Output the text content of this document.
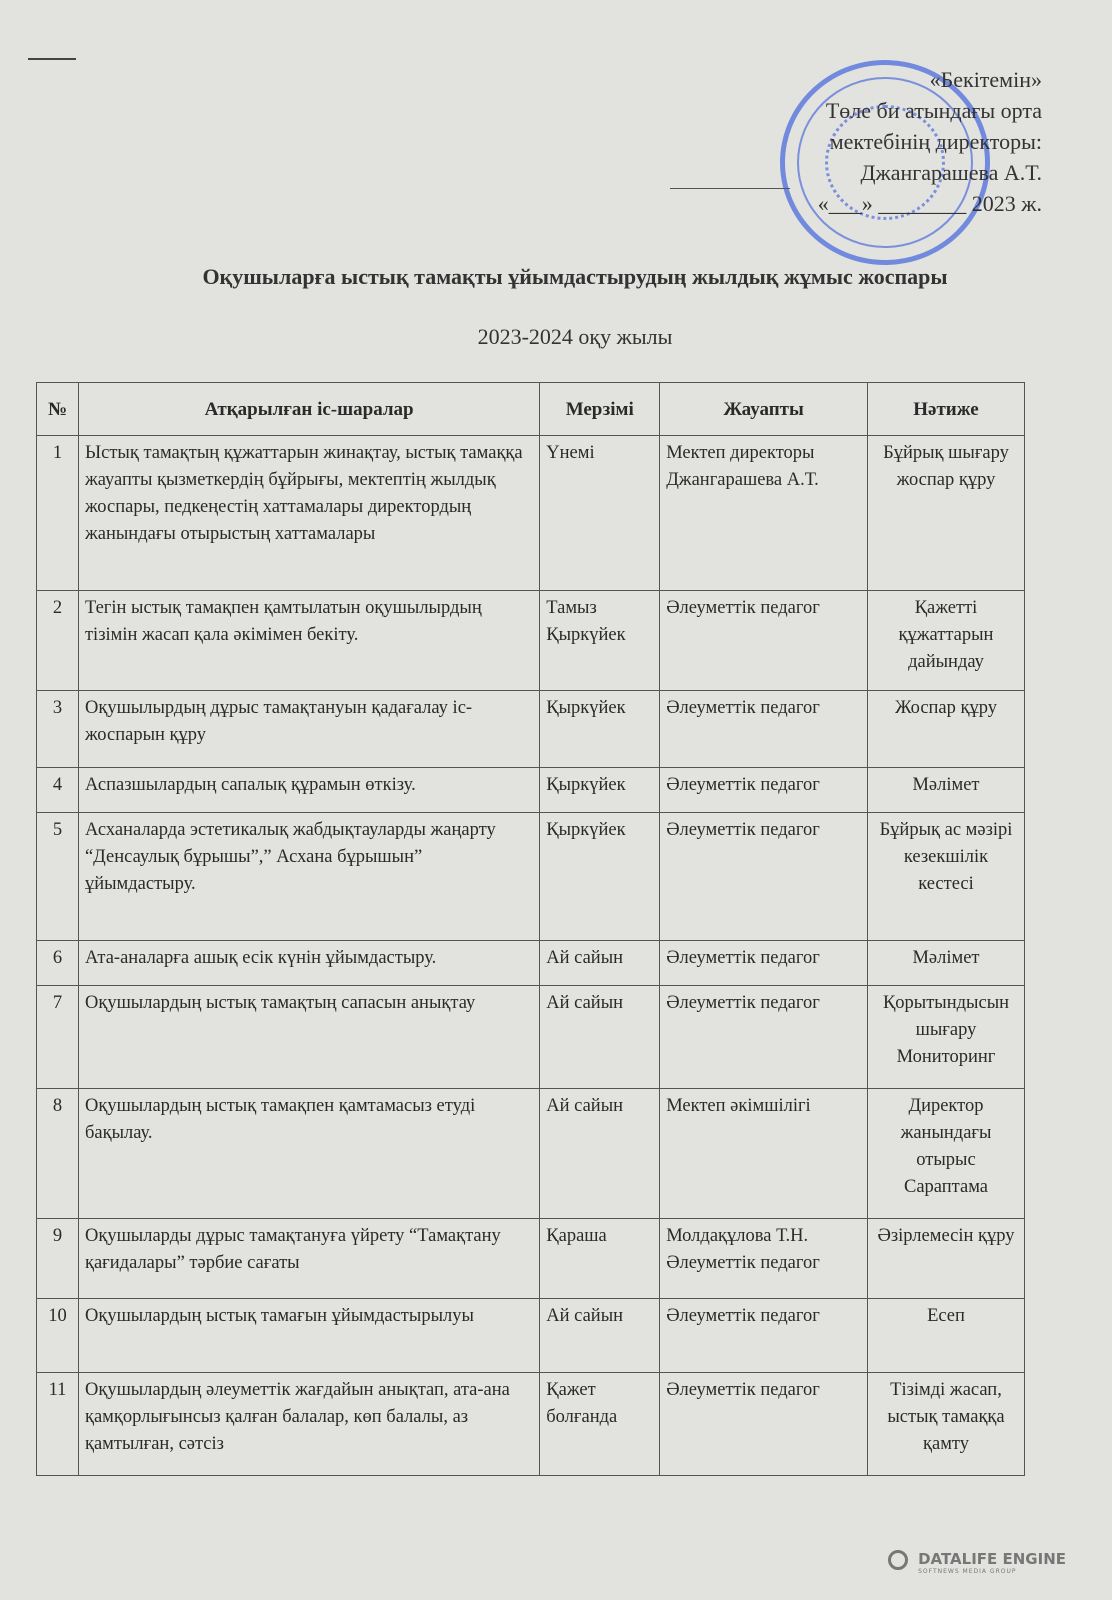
«Бекітемін»
Төле би атындағы орта
мектебінің директоры:
Джангарашева А.Т.
«___» ________ 2023 ж.
Оқушыларға ыстық тамақты ұйымдастырудың жылдық жұмыс жоспары
2023-2024 оқу жылы
№	Атқарылған іс-шаралар	Мерзімі	Жауапты	Нәтиже
1	Ыстық тамақтың құжаттарын жинақтау, ыстық тамаққа жауапты қызметкердің бұйрығы, мектептің жылдық жоспары, педкеңестің хаттамалары директордың жанындағы отырыстың хаттамалары	Үнемі	Мектеп директоры Джангарашева А.Т.	Бұйрық шығару жоспар құру
2	Тегін ыстық тамақпен қамтылатын оқушылырдың тізімін жасап қала әкімімен бекіту.	Тамыз Қыркүйек	Әлеуметтік педагог	Қажетті құжаттарын дайындау
3	Оқушылырдың дұрыс тамақтануын қадағалау іс-жоспарын құру	Қыркүйек	Әлеуметтік педагог	Жоспар құру
4	Аспазшылардың сапалық құрамын өткізу.	Қыркүйек	Әлеуметтік педагог	Мәлімет
5	Асханаларда эстетикалық жабдықтауларды жаңарту “Денсаулық бұрышы”,” Асхана бұрышын” ұйымдастыру.	Қыркүйек	Әлеуметтік педагог	Бұйрық ас мәзірі кезекшілік кестесі
6	Ата-аналарға ашық есік күнін ұйымдастыру.	Ай сайын	Әлеуметтік педагог	Мәлімет
7	Оқушылардың ыстық тамақтың сапасын анықтау	Ай сайын	Әлеуметтік педагог	Қорытындысын шығару Мониторинг
8	Оқушылардың ыстық тамақпен қамтамасыз етуді бақылау.	Ай сайын	Мектеп әкімшілігі	Директор жанындағы отырыс Сараптама
9	Оқушыларды дұрыс тамақтануға үйрету “Тамақтану қағидалары” тәрбие сағаты	Қараша	Молдақұлова Т.Н. Әлеуметтік педагог	Әзірлемесін құру
10	Оқушылардың ыстық тамағын ұйымдастырылуы	Ай сайын	Әлеуметтік педагог	Есеп
11	Оқушылардың әлеуметтік жағдайын анықтап, ата-ана қамқорлығынсыз қалған балалар, көп балалы, аз қамтылған, сәтсіз	Қажет болғанда	Әлеуметтік педагог	Тізімді жасап, ыстық тамаққа қамту
DATALIFE ENGINE
SOFTNEWS MEDIA GROUP
